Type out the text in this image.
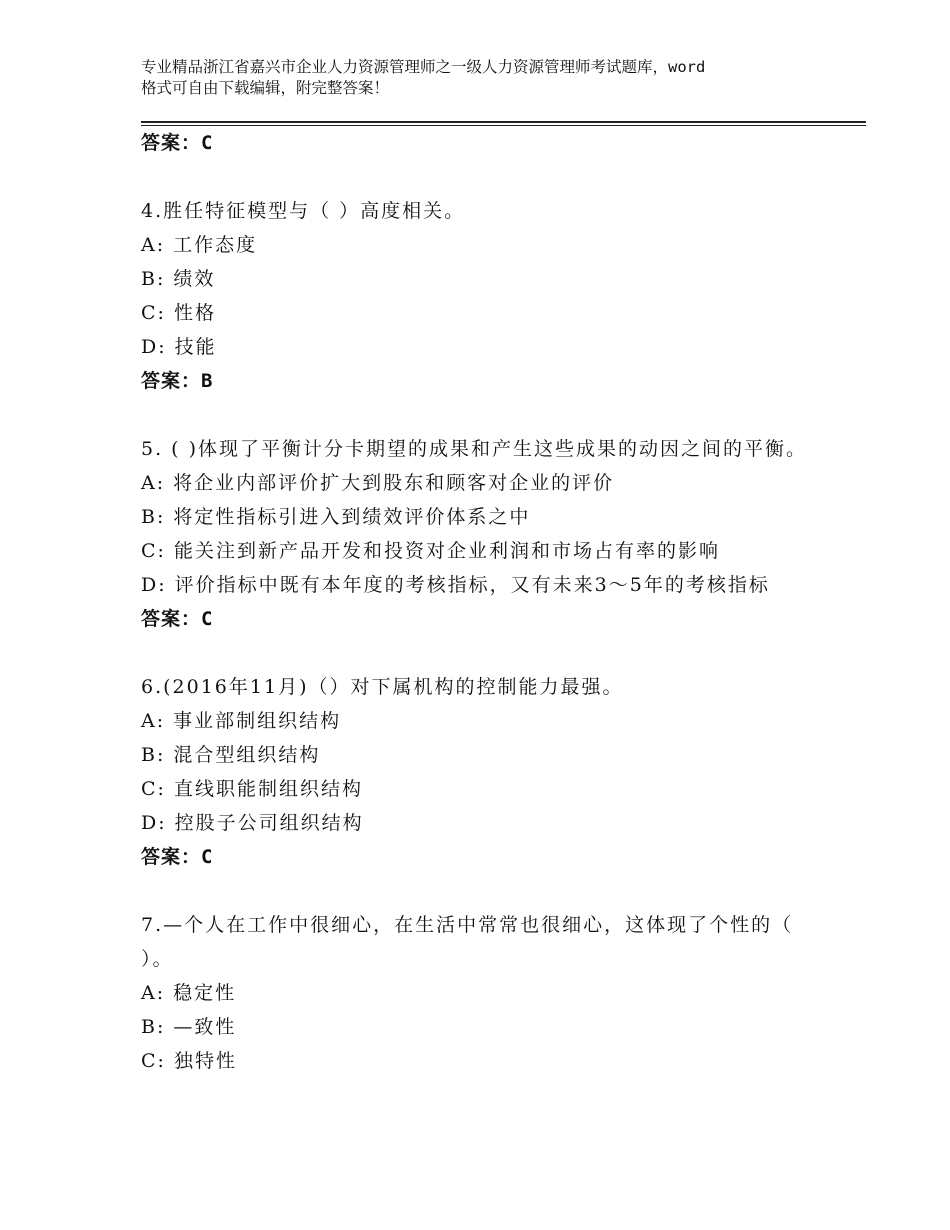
专业精品浙江省嘉兴市企业人力资源管理师之一级人力资源管理师考试题库，word
格式可自由下载编辑，附完整答案！
答案：C
4.胜任特征模型与（ ）高度相关。
A: 工作态度
B: 绩效
C: 性格
D: 技能
答案：B
5. ( )体现了平衡计分卡期望的成果和产生这些成果的动因之间的平衡。
A: 将企业内部评价扩大到股东和顾客对企业的评价
B: 将定性指标引进入到绩效评价体系之中
C: 能关注到新产品开发和投资对企业利润和市场占有率的影响
D: 评价指标中既有本年度的考核指标，又有未来3～5年的考核指标
答案：C
6.(2016年11月)（）对下属机构的控制能力最强。
A: 事业部制组织结构
B: 混合型组织结构
C: 直线职能制组织结构
D: 控股子公司组织结构
答案：C
7.—个人在工作中很细心，在生活中常常也很细心，这体现了个性的（ ）。
A: 稳定性
B: —致性
C: 独特性
